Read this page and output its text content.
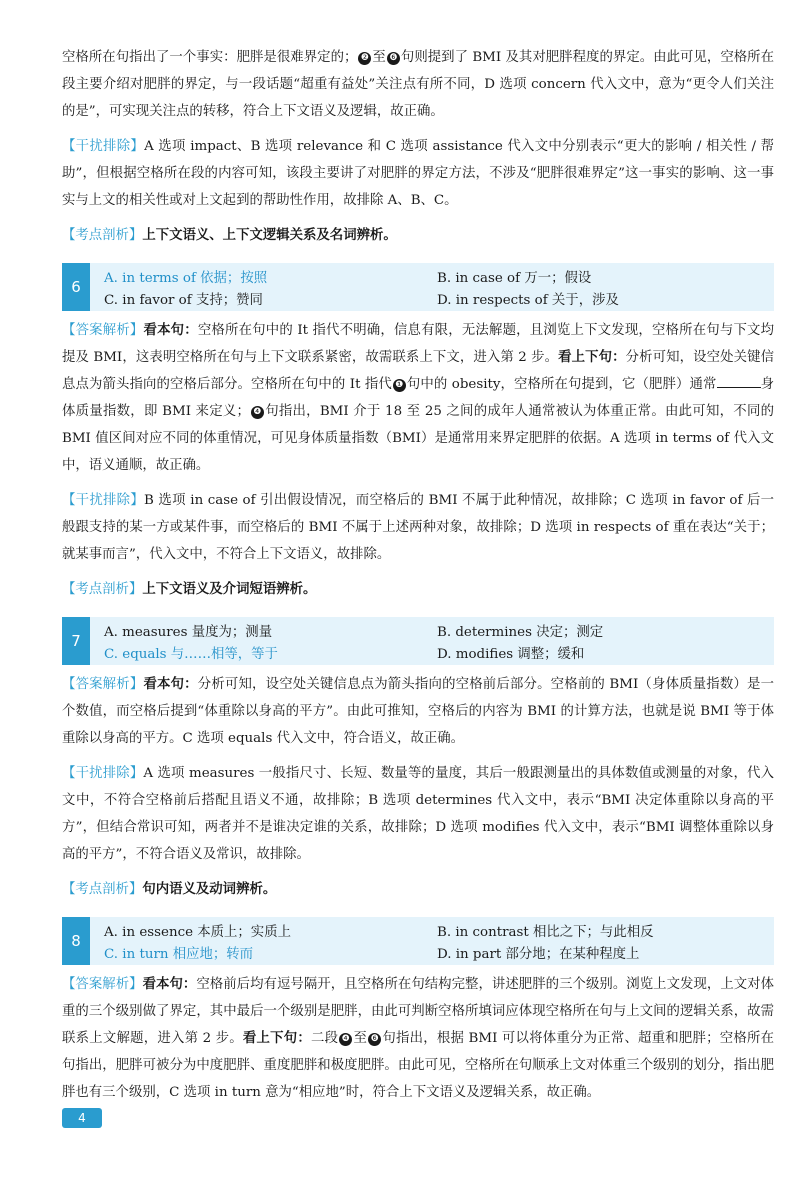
空格所在句指出了一个事实：肥胖是很难界定的； ❷ 至 ❻ 句则提到了 BMI 及其对肥胖程度的界定。由此可见，空格所在段主要介绍对肥胖的界定，与一段话题“超重有益处”关注点有所不同，D 选项 concern 代入文中，意为“更令人们关注的是”，可实现关注点的转移，符合上下文语义及逻辑，故正确。

【干扰排除】A 选项 impact、B 选项 relevance 和 C 选项 assistance 代入文中分别表示“更大的影响 / 相关性 / 帮助”，但根据空格所在段的内容可知，该段主要讲了对肥胖的界定方法，不涉及“肥胖很难界定”这一事实的影响、这一事实与上文的相关性或对上文起到的帮助性作用，故排除 A、B、C。

【考点剖析】上下文语义、上下文逻辑关系及名词辨析。

6	A. in terms of 依据；按照	B. in case of 万一；假设
C. in favor of 支持；赞同	D. in respects of 关于，涉及

【答案解析】看本句：空格所在句中的 It 指代不明确，信息有限，无法解题，且浏览上下文发现，空格所在句与下文均提及 BMI，这表明空格所在句与上下文联系紧密，故需联系上下文，进入第 2 步。看上下句：分析可知，设空处关键信息点为箭头指向的空格后部分。空格所在句中的 It 指代 ❶ 句中的 obesity，空格所在句提到，它（肥胖）通常	身体质量指数，即 BMI 来定义； ❹ 句指出，BMI 介于 18 至 25 之间的成年人通常被认为体重正常。由此可知，不同的 BMI 值区间对应不同的体重情况，可见身体质量指数（BMI）是通常用来界定肥胖的依据。A 选项 in terms of 代入文中，语义通顺，故正确。

【干扰排除】B 选项 in case of 引出假设情况，而空格后的 BMI 不属于此种情况，故排除；C 选项 in favor of 后一般跟支持的某一方或某件事，而空格后的 BMI 不属于上述两种对象，故排除；D 选项 in respects of 重在表达“关于；就某事而言”，代入文中，不符合上下文语义，故排除。

【考点剖析】上下文语义及介词短语辨析。

7	A. measures 量度为；测量	B. determines 决定；测定
C. equals 与……相等，等于	D. modifies 调整；缓和

【答案解析】看本句：分析可知，设空处关键信息点为箭头指向的空格前后部分。空格前的 BMI（身体质量指数）是一个数值，而空格后提到“体重除以身高的平方”。由此可推知，空格后的内容为 BMI 的计算方法，也就是说 BMI 等于体重除以身高的平方。C 选项 equals 代入文中，符合语义，故正确。

【干扰排除】A 选项 measures 一般指尺寸、长短、数量等的量度，其后一般跟测量出的具体数值或测量的对象，代入文中，不符合空格前后搭配且语义不通，故排除；B 选项 determines 代入文中，表示“BMI 决定体重除以身高的平方”，但结合常识可知，两者并不是谁决定谁的关系，故排除；D 选项 modifies 代入文中，表示“BMI 调整体重除以身高的平方”，不符合语义及常识，故排除。

【考点剖析】句内语义及动词辨析。

8	A. in essence 本质上；实质上	B. in contrast 相比之下；与此相反
C. in turn 相应地；转而	D. in part 部分地；在某种程度上

【答案解析】看本句：空格前后均有逗号隔开，且空格所在句结构完整，讲述肥胖的三个级别。浏览上文发现，上文对体重的三个级别做了界定，其中最后一个级别是肥胖，由此可判断空格所填词应体现空格所在句与上文间的逻辑关系，故需联系上文解题，进入第 2 步。看上下句：二段 ❹ 至 ❻ 句指出，根据 BMI 可以将体重分为正常、超重和肥胖；空格所在句指出，肥胖可被分为中度肥胖、重度肥胖和极度肥胖。由此可见，空格所在句顺承上文对体重三个级别的划分，指出肥胖也有三个级别，C 选项 in turn 意为“相应地”时，符合上下文语义及逻辑关系，故正确。

4
